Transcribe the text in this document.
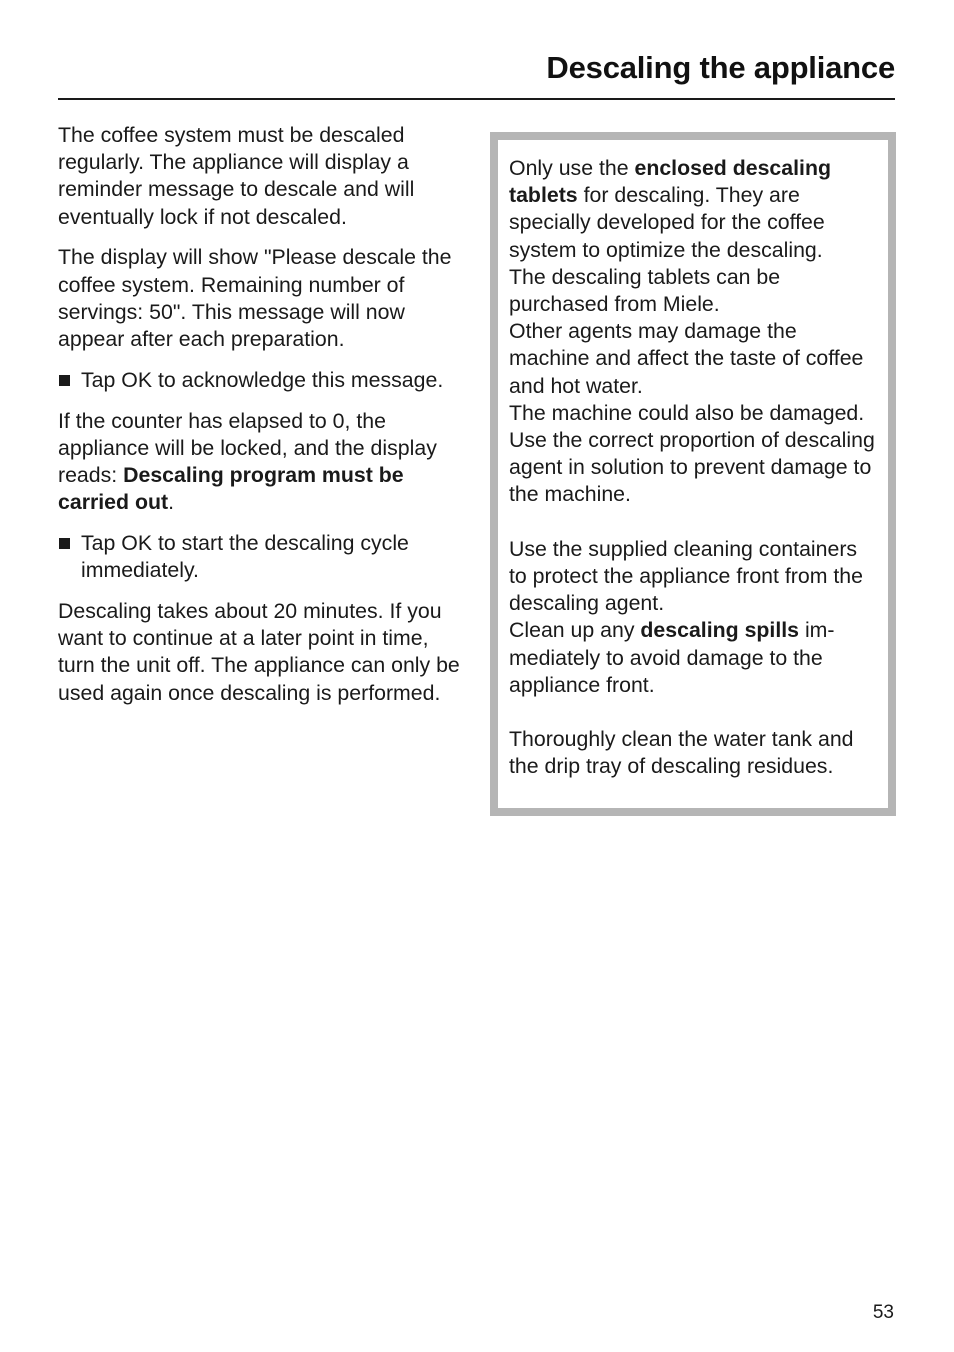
Descaling the appliance

The coffee system must be descaled regularly. The appliance will display a reminder message to descale and will eventually lock if not descaled.

The display will show "Please descale the coffee system. Remaining number of servings: 50". This message will now appear after each preparation.

Tap OK to acknowledge this message.

If the counter has elapsed to 0, the appliance will be locked, and the display reads: Descaling program must be carried out.

Tap OK to start the descaling cycle immediately.

Descaling takes about 20 minutes. If you want to continue at a later point in time, turn the unit off. The appliance can only be used again once descaling is performed.

Only use the enclosed descaling tablets for descaling. They are specially developed for the coffee system to optimize the descaling.

The descaling tablets can be purchased from Miele.

Other agents may damage the machine and affect the taste of coffee and hot water.

The machine could also be damaged.

Use the correct proportion of descaling agent in solution to prevent damage to the machine.

Use the supplied cleaning containers to protect the appliance front from the descaling agent.

Clean up any descaling spills im-mediately to avoid damage to the appliance front.

Thoroughly clean the water tank and the drip tray of descaling residues.

53
